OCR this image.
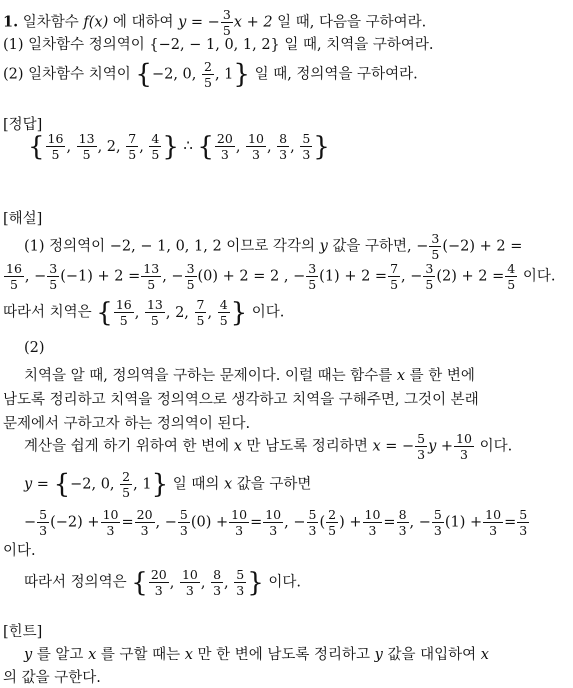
1. 일차함수 f(x) 에 대하여 y = − $\frac{3}{5}$ x + 2 일 때, 다음을 구하여라.
(1) 일차함수 정의역이 {−2, − 1, 0, 1, 2} 일 때, 치역을 구하여라.
(2) 일차함수 치역이 {−2, 0, $\frac{2}{5}$ , 1} 일 때, 정의역을 구하여라.
[정답]
{ $\frac{16}{5}$ , $\frac{13}{5}$ , 2, $\frac{7}{5}$ , $\frac{4}{5}$ } ∴ { $\frac{20}{3}$ , $\frac{10}{3}$ , $\frac{8}{3}$ , $\frac{5}{3}$ }
[해설]
(1) 정의역이 −2, − 1, 0, 1, 2 이므로 각각의 y 값을 구하면, − $\frac{3}{5} (-2) + 2$ =
$\frac{16}{5}$ , − $\frac{3}{5} (-1) + 2 = \frac{13}{5}$ , − $\frac{3}{5} (0) + 2 = 2$ , − $\frac{3}{5} (1) + 2 = \frac{7}{5}$ , − $\frac{3}{5} (2) + 2 = \frac{4}{5}$ 이다.
따라서 치역은 { $\frac{16}{5}$ , $\frac{13}{5}$ , 2, $\frac{7}{5}$ , $\frac{4}{5}$ } 이다.
(2)
치역을 알 때, 정의역을 구하는 문제이다. 이럴 때는 함수를 x 를 한 변에
남도록 정리하고 치역을 정의역으로 생각하고 치역을 구해주면, 그것이 본래
문제에서 구하고자 하는 정의역이 된다.
계산을 쉽게 하기 위하여 한 변에 x 만 남도록 정리하면 x = − $\frac{5}{3}$ $y + \frac{10}{3}$ 이다.
y = {−2, 0, $\frac{2}{5}$ , 1} 일 때의 x 값을 구하면
− $\frac{5}{3} (-2) + \frac{10}{3} = \frac{20}{3}$ , − $\frac{5}{3} (0) + \frac{10}{3} = \frac{10}{3}$ , − $\frac{5}{3}$ ( $\frac{2}{5}$ ) + $\frac{10}{3} = \frac{8}{3}$ , − $\frac{5}{3} (1) + \frac{10}{3} = \frac{5}{3}$
이다.
따라서 정의역은 { $\frac{20}{3}$ , $\frac{10}{3}$ , $\frac{8}{3}$ , $\frac{5}{3}$ } 이다.
[힌트]
y 를 알고 x 를 구할 때는 x 만 한 변에 남도록 정리하고 y 값을 대입하여 x
의 값을 구한다.
